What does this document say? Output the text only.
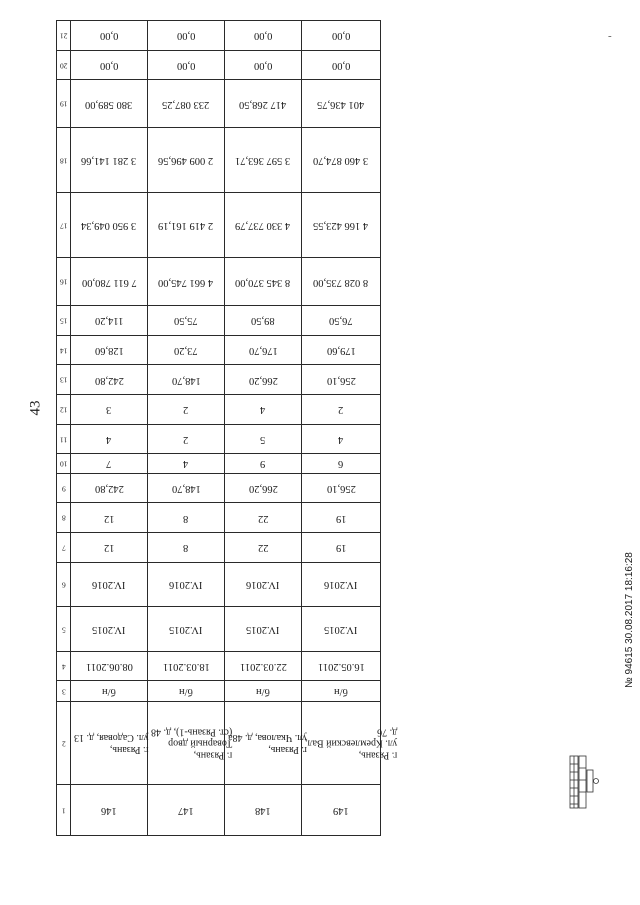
43
21	0,00	0,00	0,00	0,00
20	0,00	0,00	0,00	0,00
19	380 589,00	233 087,25	417 268,50	401 436,75
18	3 281 141,66	2 009 496,56	3 597 363,71	3 460 874,70
17	3 950 049,34	2 419 161,19	4 330 737,79	4 166 423,55
16	7 611 780,00	4 661 745,00	8 345 370,00	8 028 735,00
15	114,20	75,50	89,50	76,50
14	128,60	73,20	176,70	179,60
13	242,80	148,70	266,20	256,10
12	3	2	4	2
11	4	2	5	4
10	7	4	9	6
9	242,80	148,70	266,20	256,10
8	12	8	22	19
7	12	8	22	19
6	IV.2016	IV.2016	IV.2016	IV.2016
5	IV.2015	IV.2015	IV.2015	IV.2015
4	08.06.2011	18.03.2011	22.03.2011	16.05.2011
3	б/н	б/н	б/н	б/н
2	г. Рязань,
ул. Садовая, д. 13	г. Рязань,
Товарный двор
(ст. Рязань-1), д. 48	г. Рязань,
ул. Чкалова, д. 48а	г. Рязань,
ул. Кремлевский Вал,
д. 76

1	146	147	148	149
-
№ 94615 30.08.2017 18:16:28
